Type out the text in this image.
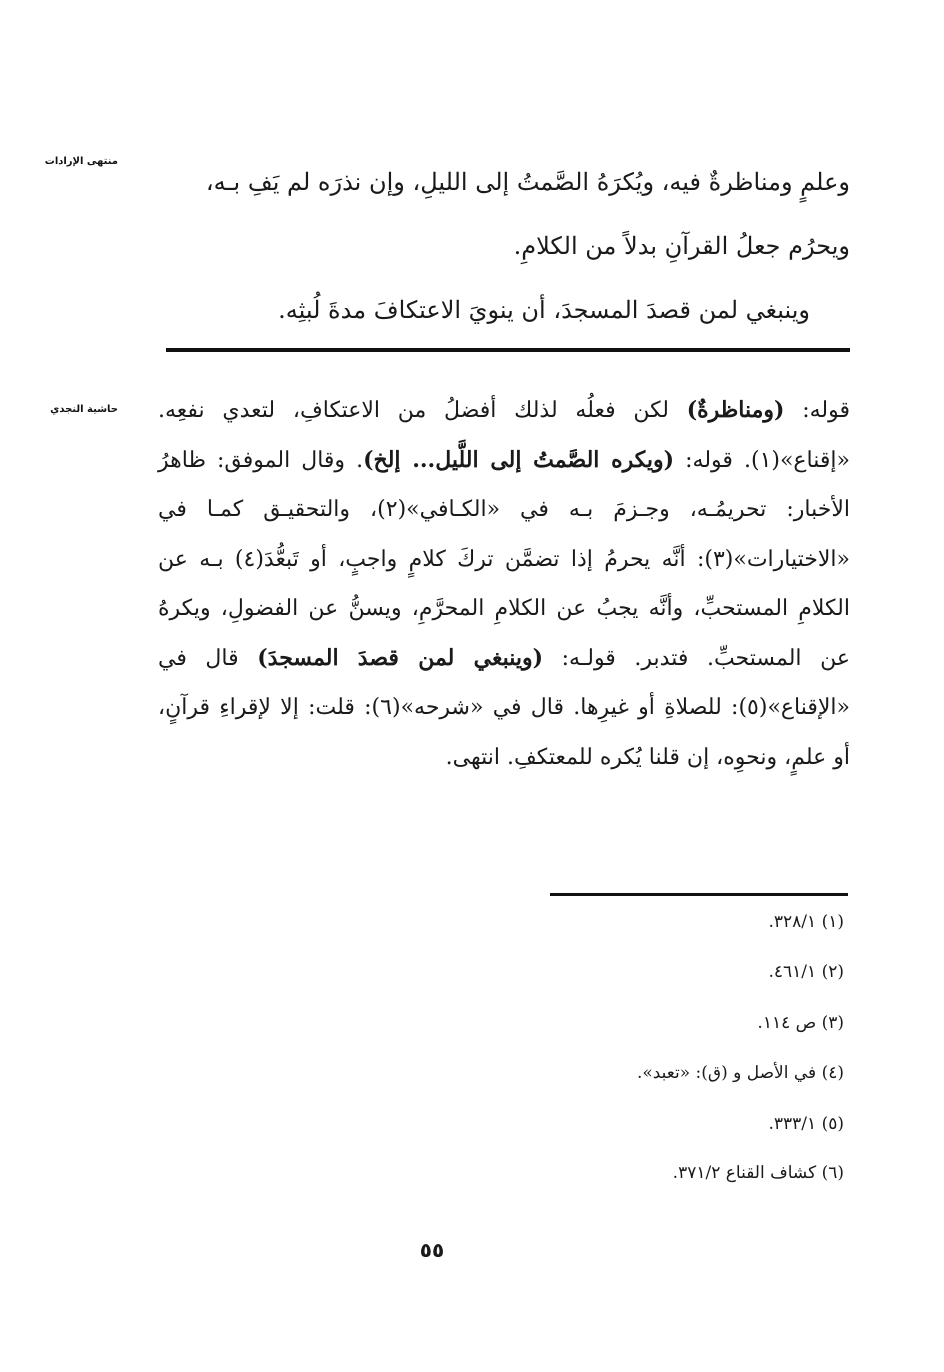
منتهى الإرادات
حاشية النجدي

وعلمٍ ومناظرةٌ فيه، ويُكرَهُ الصَّمتُ إلى الليلِ، وإن نذرَه لم يَفِ بـه،

ويحرُم جعلُ القرآنِ بدلاً من الكلامِ.

وينبغي لمن قصدَ المسجدَ، أن ينويَ الاعتكافَ مدةَ لُبثِه.

قوله: (ومناظرةٌ) لكن فعلُه لذلك أفضلُ من الاعتكافِ، لتعدي نفعِه. «إقناع»(١). قوله: (ويكره الصَّمتُ إلى اللَّيل... إلخ). وقال الموفق: ظاهرُ الأخبار: تحريمُـه، وجـزمَ بـه في «الكـافي»(٢)، والتحقيـق كمـا في «الاختيارات»(٣): أنَّه يحرمُ إذا تضمَّن تركَ كلامٍ واجبٍ، أو تَبعُّدَ(٤) بـه عن الكلامِ المستحبِّ، وأنَّه يجبُ عن الكلامِ المحرَّمِ، ويسنُّ عن الفضولِ، ويكرهُ عن المستحبِّ. فتدبر. قولـه: (وينبغي لمن قصدَ المسجدَ) قال في «الإقناع»(٥): للصلاةِ أو غيرِها. قال في «شرحه»(٦): قلت: إلا لإقراءِ قرآنٍ، أو علمٍ، ونحوِه، إن قلنا يُكره للمعتكفِ. انتهى.

(١) ٣٢٨/١.
(٢) ٤٦١/١.
(٣) ص ١١٤.
(٤) في الأصل و (ق): «تعبد».
(٥) ٣٣٣/١.
(٦) كشاف القناع ٣٧١/٢.
٥٥
